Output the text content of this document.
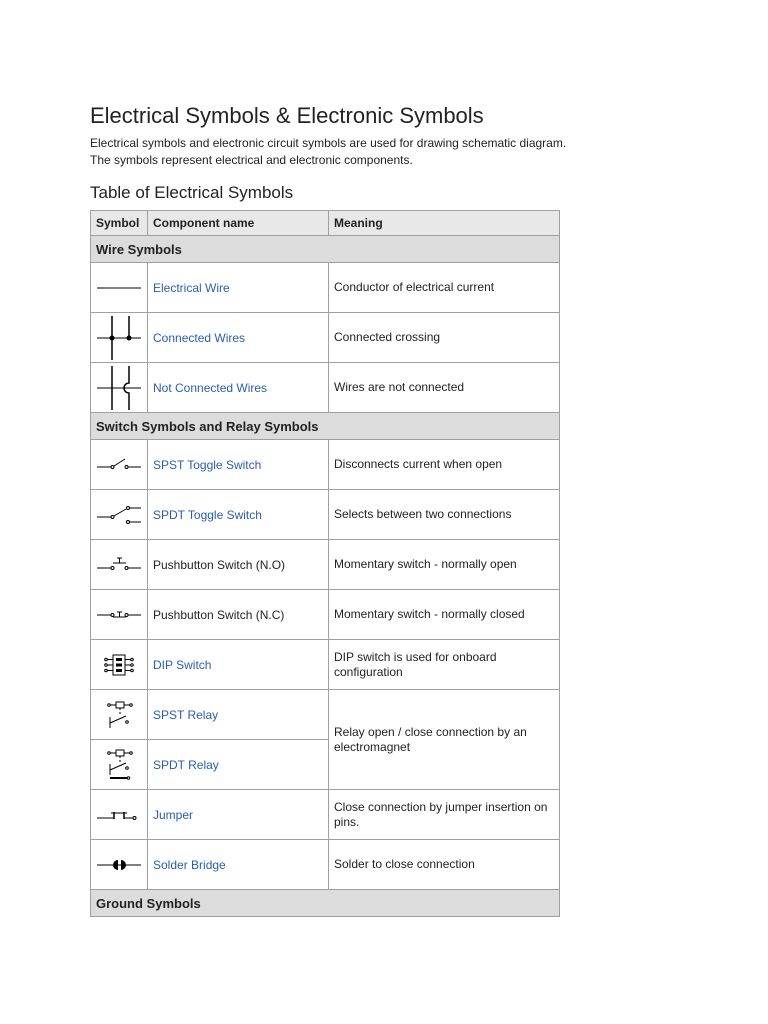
Electrical Symbols & Electronic Symbols

Electrical symbols and electronic circuit symbols are used for drawing schematic diagram.
The symbols represent electrical and electronic components.

Table of Electrical Symbols
Symbol	Component name	Meaning
Wire Symbols		

	Electrical Wire	Conductor of electrical current

	Connected Wires	Connected crossing

	Not Connected Wires	Wires are not connected
Switch Symbols and Relay Symbols		

	SPST Toggle Switch	Disconnects current when open

	SPDT Toggle Switch	Selects between two connections

	Pushbutton Switch (N.O)	Momentary switch - normally open

	Pushbutton Switch (N.C)	Momentary switch - normally closed

	DIP Switch	DIP switch is used for onboard configuration

	SPST Relay	Relay open / close connection by an electromagnet

	SPDT Relay	

	Jumper	Close connection by jumper insertion on pins.

	Solder Bridge	Solder to close connection
Ground Symbols		
